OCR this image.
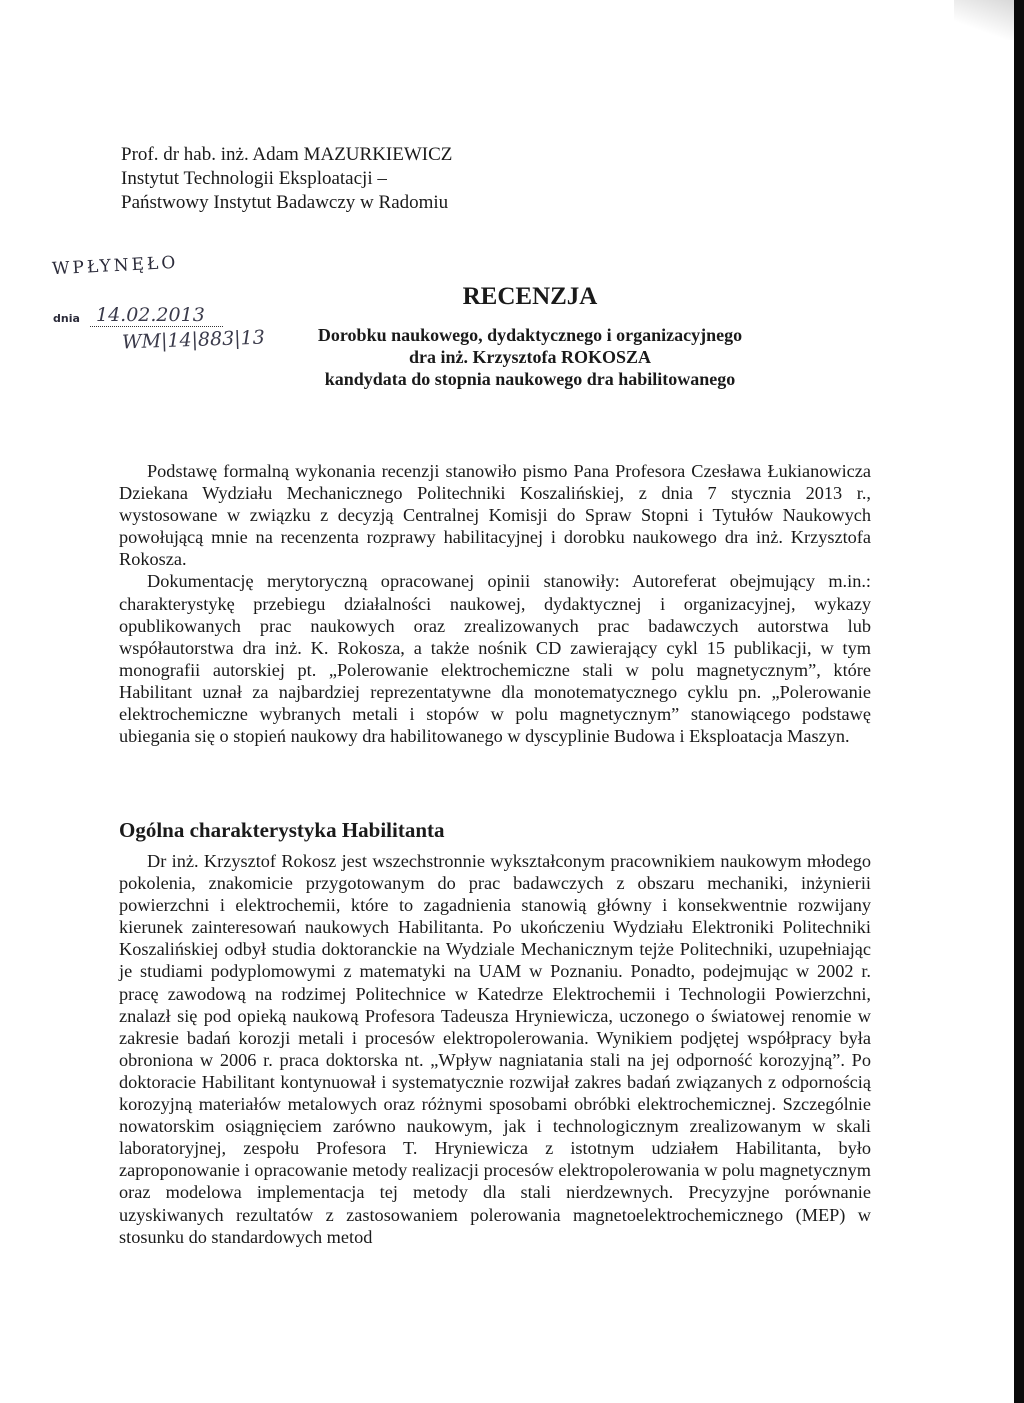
Prof. dr hab. inż. Adam MAZURKIEWICZ
Instytut Technologii Eksploatacji –
Państwowy Instytut Badawczy w Radomiu
WPŁYNĘŁO
dnia 14.02.2013
WM|14|883|13
RECENZJA
Dorobku naukowego, dydaktycznego i organizacyjnego
dra inż. Krzysztofa ROKOSZA
kandydata do stopnia naukowego dra habilitowanego

Podstawę formalną wykonania recenzji stanowiło pismo Pana Profesora Czesława Łukianowicza Dziekana Wydziału Mechanicznego Politechniki Koszalińskiej, z dnia 7 stycznia 2013 r., wystosowane w związku z decyzją Centralnej Komisji do Spraw Stopni i Tytułów Naukowych powołującą mnie na recenzenta rozprawy habilitacyjnej i dorobku naukowego dra inż. Krzysztofa Rokosza.

Dokumentację merytoryczną opracowanej opinii stanowiły: Autoreferat obejmujący m.in.: charakterystykę przebiegu działalności naukowej, dydaktycznej i organizacyjnej, wykazy opublikowanych prac naukowych oraz zrealizowanych prac badawczych autorstwa lub współautorstwa dra inż. K. Rokosza, a także nośnik CD zawierający cykl 15 publikacji, w tym monografii autorskiej pt. „Polerowanie elektrochemiczne stali w polu magnetycznym”, które Habilitant uznał za najbardziej reprezentatywne dla monotematycznego cyklu pn. „Polerowanie elektrochemiczne wybranych metali i stopów w polu magnetycznym” stanowiącego podstawę ubiegania się o stopień naukowy dra habilitowanego w dyscyplinie Budowa i Eksploatacja Maszyn.

Ogólna charakterystyka Habilitanta

Dr inż. Krzysztof Rokosz jest wszechstronnie wykształconym pracownikiem naukowym młodego pokolenia, znakomicie przygotowanym do prac badawczych z obszaru mechaniki, inżynierii powierzchni i elektrochemii, które to zagadnienia stanowią główny i konsekwentnie rozwijany kierunek zainteresowań naukowych Habilitanta. Po ukończeniu Wydziału Elektroniki Politechniki Koszalińskiej odbył studia doktoranckie na Wydziale Mechanicznym tejże Politechniki, uzupełniając je studiami podyplomowymi z matematyki na UAM w Poznaniu. Ponadto, podejmując w 2002 r. pracę zawodową na rodzimej Politechnice w Katedrze Elektrochemii i Technologii Powierzchni, znalazł się pod opieką naukową Profesora Tadeusza Hryniewicza, uczonego o światowej renomie w zakresie badań korozji metali i procesów elektropolerowania. Wynikiem podjętej współpracy była obroniona w 2006 r. praca doktorska nt. „Wpływ nagniatania stali na jej odporność korozyjną”. Po doktoracie Habilitant kontynuował i systematycznie rozwijał zakres badań związanych z odpornością korozyjną materiałów metalowych oraz różnymi sposobami obróbki elektrochemicznej. Szczególnie nowatorskim osiągnięciem zarówno naukowym, jak i technologicznym zrealizowanym w skali laboratoryjnej, zespołu Profesora T. Hryniewicza z istotnym udziałem Habilitanta, było zaproponowanie i opracowanie metody realizacji procesów elektropolerowania w polu magnetycznym oraz modelowa implementacja tej metody dla stali nierdzewnych. Precyzyjne porównanie uzyskiwanych rezultatów z zastosowaniem polerowania magnetoelektrochemicznego (MEP) w stosunku do standardowych metod
